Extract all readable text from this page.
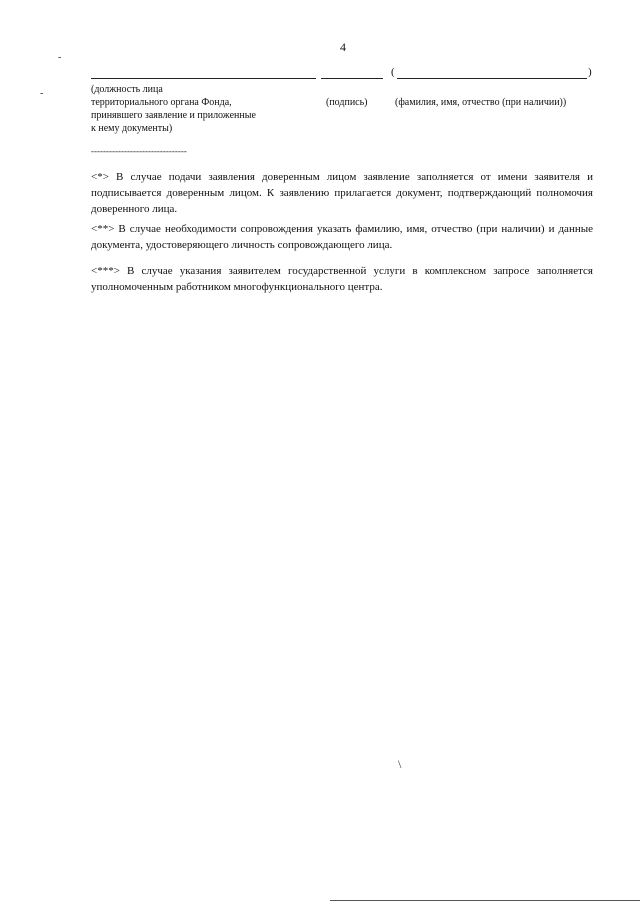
4
-
-
(	)
(должность лица
территориального органа Фонда,
принявшего заявление и приложенные
к нему документы)
(подпись)	(фамилия, имя, отчество (при наличии))
--------------------------------
<*> В случае подачи заявления доверенным лицом заявление заполняется от имени заявителя и подписывается доверенным лицом. К заявлению прилагается документ, подтверждающий полномочия доверенного лица.
<**> В случае необходимости сопровождения указать фамилию, имя, отчество (при наличии) и данные документа, удостоверяющего личность сопровождающего лица.
<***> В случае указания заявителем государственной услуги в комплексном запросе заполняется уполномоченным работником многофункционального центра.
\
